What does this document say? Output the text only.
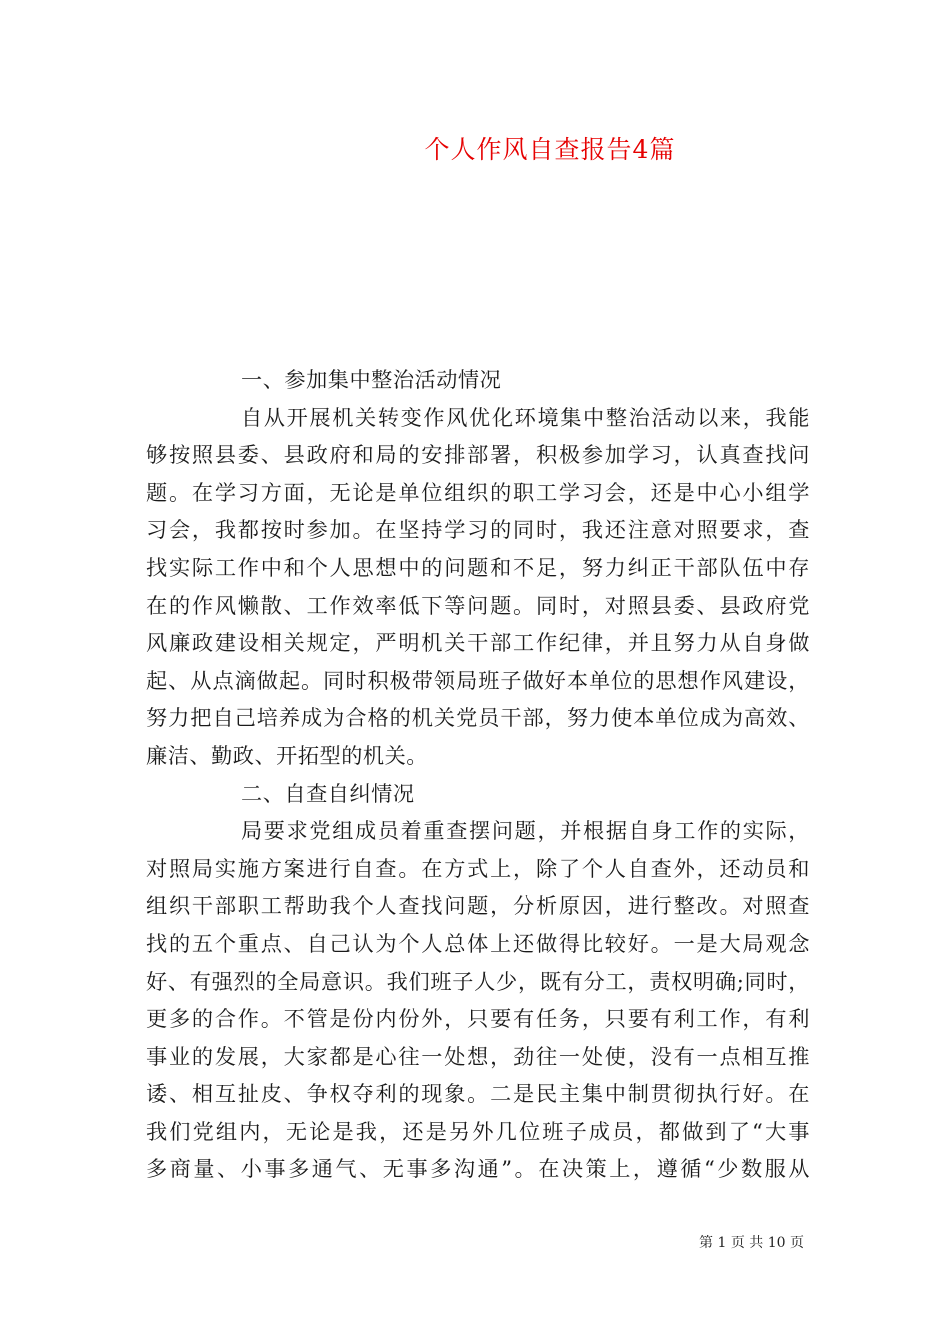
个人作风自查报告4篇
一、参加集中整治活动情况
自从开展机关转变作风优化环境集中整治活动以来，我能
够按照县委、县政府和局的安排部署，积极参加学习，认真查找问
题。在学习方面，无论是单位组织的职工学习会，还是中心小组学
习会，我都按时参加。在坚持学习的同时，我还注意对照要求，查
找实际工作中和个人思想中的问题和不足，努力纠正干部队伍中存
在的作风懒散、工作效率低下等问题。同时，对照县委、县政府党
风廉政建设相关规定，严明机关干部工作纪律，并且努力从自身做
起、从点滴做起。同时积极带领局班子做好本单位的思想作风建设，
努力把自己培养成为合格的机关党员干部，努力使本单位成为高效、
廉洁、勤政、开拓型的机关。
二、自查自纠情况
局要求党组成员着重查摆问题，并根据自身工作的实际，
对照局实施方案进行自查。在方式上，除了个人自查外，还动员和
组织干部职工帮助我个人查找问题，分析原因，进行整改。对照查
找的五个重点、自己认为个人总体上还做得比较好。一是大局观念
好、有强烈的全局意识。我们班子人少，既有分工，责权明确;同时，
更多的合作。不管是份内份外，只要有任务，只要有利工作，有利
事业的发展，大家都是心往一处想，劲往一处使，没有一点相互推
诿、相互扯皮、争权夺利的现象。二是民主集中制贯彻执行好。在
我们党组内，无论是我，还是另外几位班子成员，都做到了“大事
多商量、小事多通气、无事多沟通”。在决策上，遵循“少数服从
第 1 页 共 10 页
